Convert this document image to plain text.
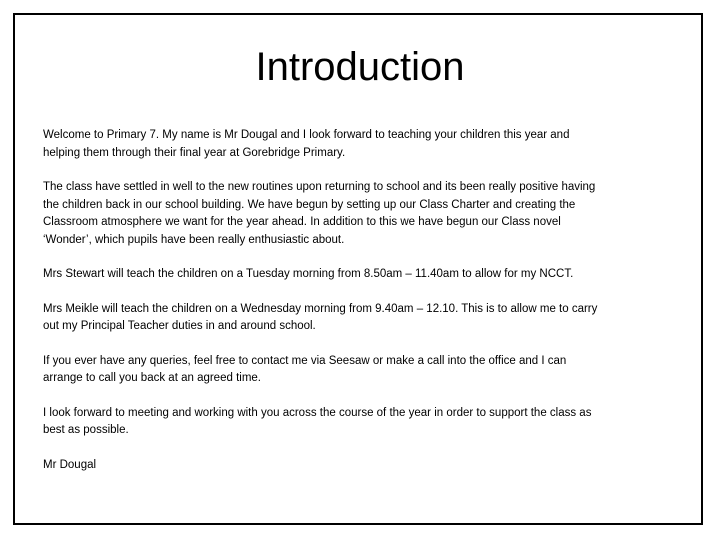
Introduction

Welcome to Primary 7. My name is Mr Dougal and I look forward to teaching your children this year and
helping them through their final year at Gorebridge Primary.

The class have settled in well to the new routines upon returning to school and its been really positive having
the children back in our school building. We have begun by setting up our Class Charter and creating the
Classroom atmosphere we want for the year ahead. In addition to this we have begun our Class novel
‘Wonder’, which pupils have been really enthusiastic about.

Mrs Stewart will teach the children on a Tuesday morning from 8.50am – 11.40am to allow for my NCCT.

Mrs Meikle will teach the children on a Wednesday morning from 9.40am – 12.10. This is to allow me to carry
out my Principal Teacher duties in and around school.

If you ever have any queries, feel free to contact me via Seesaw or make a call into the office and I can
arrange to call you back at an agreed time.

I look forward to meeting and working with you across the course of the year in order to support the class as
best as possible.

Mr Dougal
